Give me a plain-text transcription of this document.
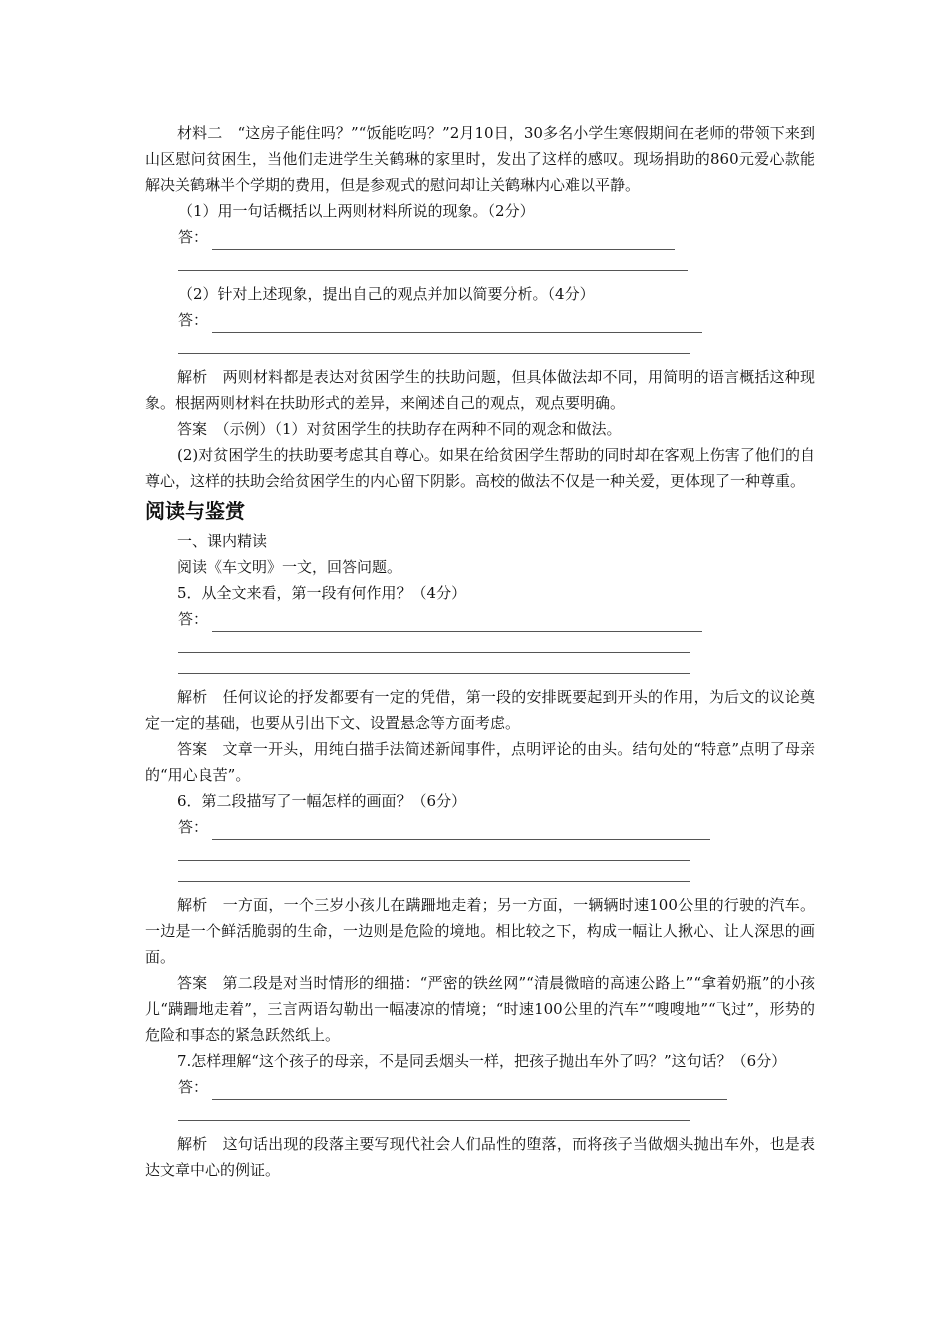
材料二　“这房子能住吗？”“饭能吃吗？”2月10日，30多名小学生寒假期间在老师的带领下来到山区慰问贫困生，当他们走进学生关鹤琳的家里时，发出了这样的感叹。现场捐助的860元爱心款能解决关鹤琳半个学期的费用，但是参观式的慰问却让关鹤琳内心难以平静。

（1）用一句话概括以上两则材料所说的现象。（2分）

答：

（2）针对上述现象，提出自己的观点并加以简要分析。（4分）

答：

解析　两则材料都是表达对贫困学生的扶助问题，但具体做法却不同，用简明的语言概括这种现象。根据两则材料在扶助形式的差异，来阐述自己的观点，观点要明确。

答案　（示例）（1）对贫困学生的扶助存在两种不同的观念和做法。

(2)对贫困学生的扶助要考虑其自尊心。如果在给贫困学生帮助的同时却在客观上伤害了他们的自尊心，这样的扶助会给贫困学生的内心留下阴影。高校的做法不仅是一种关爱，更体现了一种尊重。

阅读与鉴赏

一、课内精读

阅读《车文明》一文，回答问题。

5．从全文来看，第一段有何作用？（4分）

答：

解析　任何议论的抒发都要有一定的凭借，第一段的安排既要起到开头的作用，为后文的议论奠定一定的基础，也要从引出下文、设置悬念等方面考虑。

答案　文章一开头，用纯白描手法简述新闻事件，点明评论的由头。结句处的“特意”点明了母亲的“用心良苦”。

6．第二段描写了一幅怎样的画面？（6分）

答：

解析　一方面，一个三岁小孩儿在蹒跚地走着；另一方面，一辆辆时速100公里的行驶的汽车。一边是一个鲜活脆弱的生命，一边则是危险的境地。相比较之下，构成一幅让人揪心、让人深思的画面。

答案　第二段是对当时情形的细描：“严密的铁丝网”“清晨微暗的高速公路上”“拿着奶瓶”的小孩儿“蹒跚地走着”，三言两语勾勒出一幅凄凉的情境；“时速100公里的汽车”“嗖嗖地”“飞过”，形势的危险和事态的紧急跃然纸上。

7.怎样理解“这个孩子的母亲，不是同丢烟头一样，把孩子抛出车外了吗？”这句话？（6分）

答：

解析　这句话出现的段落主要写现代社会人们品性的堕落，而将孩子当做烟头抛出车外，也是表达文章中心的例证。
